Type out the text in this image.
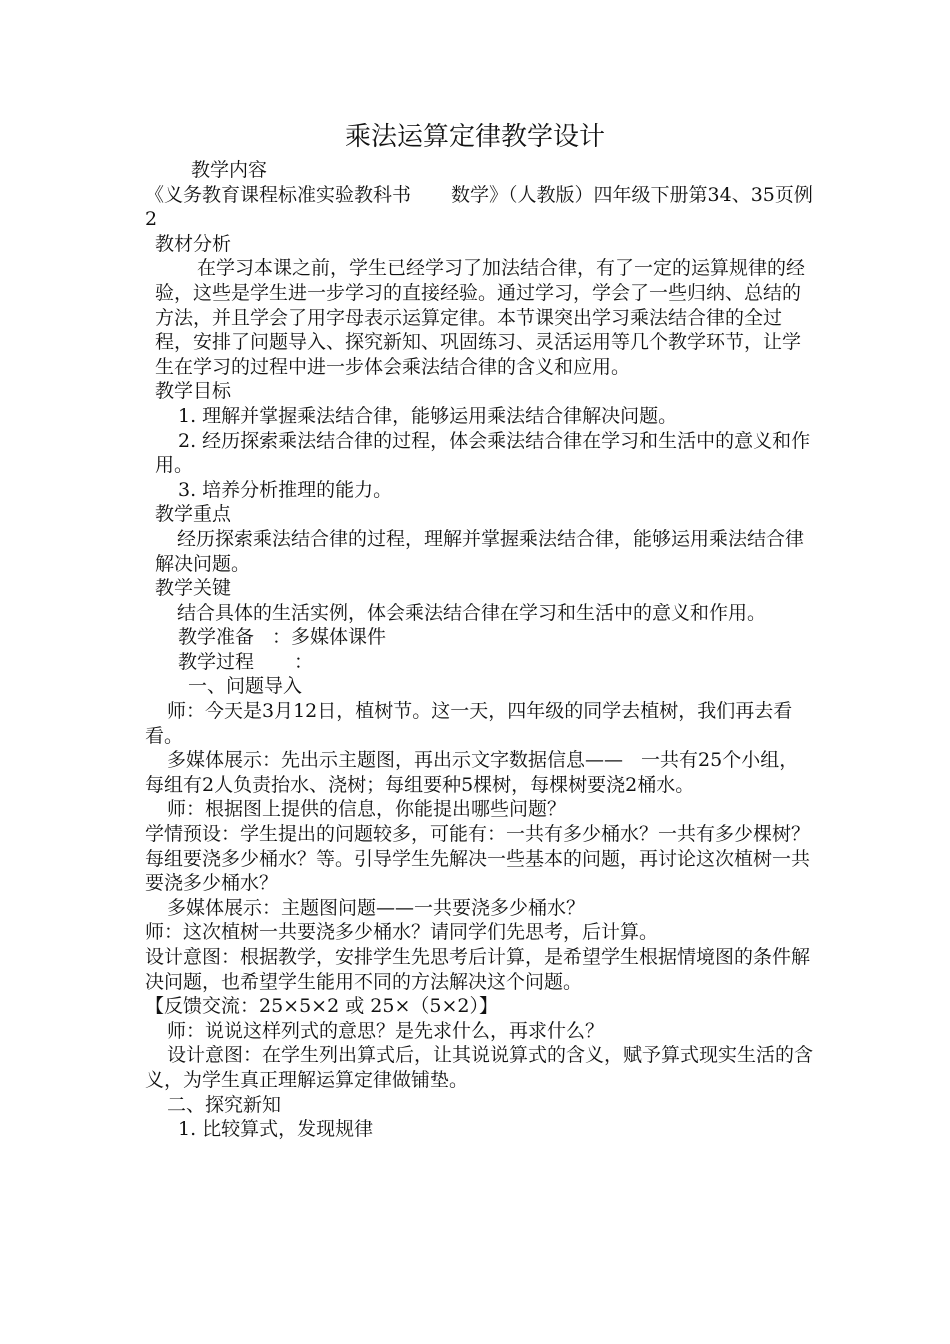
乘法运算定律教学设计

教学内容

《义务教育课程标准实验教科书 数学》（人教版）四年级下册第34、35页例2

教材分析

在学习本课之前，学生已经学习了加法结合律，有了一定的运算规律的经验，这些是学生进一步学习的直接经验。通过学习，学会了一些归纳、总结的方法，并且学会了用字母表示运算定律。本节课突出学习乘法结合律的全过程，安排了问题导入、探究新知、巩固练习、灵活运用等几个教学环节，让学生在学习的过程中进一步体会乘法结合律的含义和应用。

教学目标

1. 理解并掌握乘法结合律，能够运用乘法结合律解决问题。

2. 经历探索乘法结合律的过程，体会乘法结合律在学习和生活中的意义和作用。

3. 培养分析推理的能力。

教学重点

经历探索乘法结合律的过程，理解并掌握乘法结合律，能够运用乘法结合律解决问题。

教学关键

结合具体的生活实例，体会乘法结合律在学习和生活中的意义和作用。

教学准备 ：多媒体课件

教学过程 ：

一、问题导入

师：今天是3月12日，植树节。这一天，四年级的同学去植树，我们再去看看。

多媒体展示：先出示主题图，再出示文字数据信息—— 一共有25个小组，每组有2人负责抬水、浇树；每组要种5棵树，每棵树要浇2桶水。

师：根据图上提供的信息，你能提出哪些问题？

学情预设：学生提出的问题较多，可能有：一共有多少桶水？一共有多少棵树？每组要浇多少桶水？等。引导学生先解决一些基本的问题，再讨论这次植树一共要浇多少桶水？

多媒体展示：主题图问题——一共要浇多少桶水？

师：这次植树一共要浇多少桶水？请同学们先思考，后计算。

设计意图：根据教学，安排学生先思考后计算，是希望学生根据情境图的条件解决问题，也希望学生能用不同的方法解决这个问题。

【反馈交流：25×5×2 或 25×（5×2）】

师：说说这样列式的意思？是先求什么，再求什么？

设计意图：在学生列出算式后，让其说说算式的含义，赋予算式现实生活的含义，为学生真正理解运算定律做铺垫。

二、探究新知

1. 比较算式，发现规律
